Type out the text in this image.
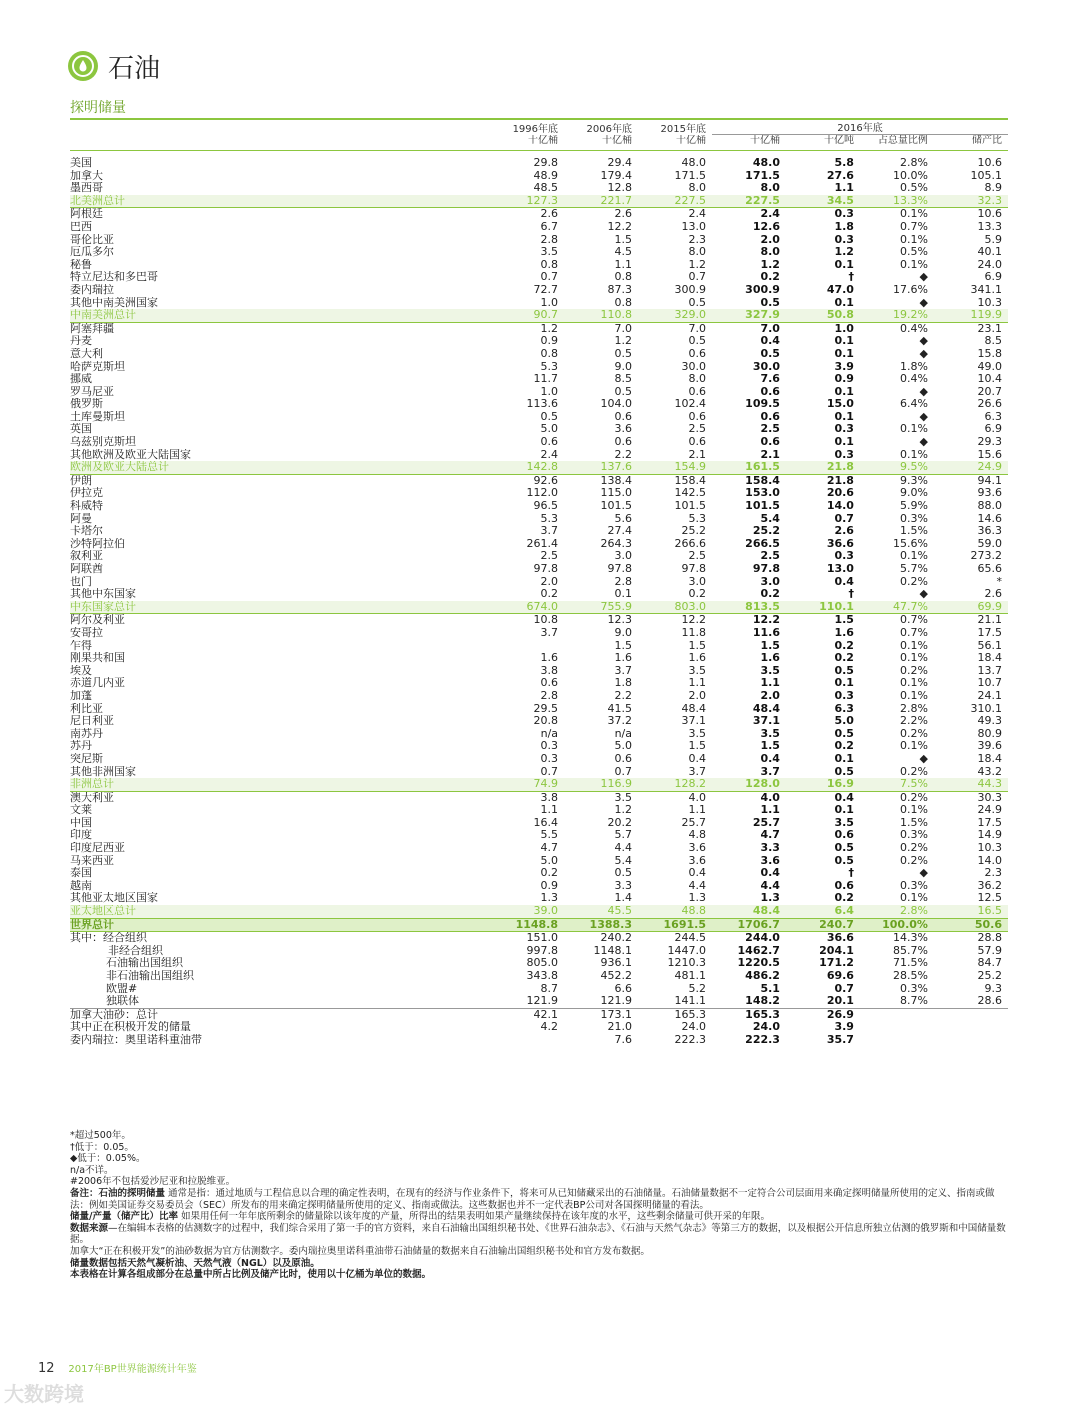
石油
探明储量
	1996年底	2006年底	2015年底	2016年底			
	十亿桶	十亿桶	十亿桶	十亿桶	十亿吨	占总量比例	储产比

美国	29.8	29.4	48.0	48.0	5.8	2.8%	10.6
加拿大	48.9	179.4	171.5	171.5	27.6	10.0%	105.1
墨西哥	48.5	12.8	8.0	8.0	1.1	0.5%	8.9
北美洲总计	127.3	221.7	227.5	227.5	34.5	13.3%	32.3
阿根廷	2.6	2.6	2.4	2.4	0.3	0.1%	10.6
巴西	6.7	12.2	13.0	12.6	1.8	0.7%	13.3
哥伦比亚	2.8	1.5	2.3	2.0	0.3	0.1%	5.9
厄瓜多尔	3.5	4.5	8.0	8.0	1.2	0.5%	40.1
秘鲁	0.8	1.1	1.2	1.2	0.1	0.1%	24.0
特立尼达和多巴哥	0.7	0.8	0.7	0.2	†	◆	6.9
委内瑞拉	72.7	87.3	300.9	300.9	47.0	17.6%	341.1
其他中南美洲国家	1.0	0.8	0.5	0.5	0.1	◆	10.3
中南美洲总计	90.7	110.8	329.0	327.9	50.8	19.2%	119.9
阿塞拜疆	1.2	7.0	7.0	7.0	1.0	0.4%	23.1
丹麦	0.9	1.2	0.5	0.4	0.1	◆	8.5
意大利	0.8	0.5	0.6	0.5	0.1	◆	15.8
哈萨克斯坦	5.3	9.0	30.0	30.0	3.9	1.8%	49.0
挪威	11.7	8.5	8.0	7.6	0.9	0.4%	10.4
罗马尼亚	1.0	0.5	0.6	0.6	0.1	◆	20.7
俄罗斯	113.6	104.0	102.4	109.5	15.0	6.4%	26.6
土库曼斯坦	0.5	0.6	0.6	0.6	0.1	◆	6.3
英国	5.0	3.6	2.5	2.5	0.3	0.1%	6.9
乌兹别克斯坦	0.6	0.6	0.6	0.6	0.1	◆	29.3
其他欧洲及欧亚大陆国家	2.4	2.2	2.1	2.1	0.3	0.1%	15.6
欧洲及欧亚大陆总计	142.8	137.6	154.9	161.5	21.8	9.5%	24.9
伊朗	92.6	138.4	158.4	158.4	21.8	9.3%	94.1
伊拉克	112.0	115.0	142.5	153.0	20.6	9.0%	93.6
科威特	96.5	101.5	101.5	101.5	14.0	5.9%	88.0
阿曼	5.3	5.6	5.3	5.4	0.7	0.3%	14.6
卡塔尔	3.7	27.4	25.2	25.2	2.6	1.5%	36.3
沙特阿拉伯	261.4	264.3	266.6	266.5	36.6	15.6%	59.0
叙利亚	2.5	3.0	2.5	2.5	0.3	0.1%	273.2
阿联酋	97.8	97.8	97.8	97.8	13.0	5.7%	65.6
也门	2.0	2.8	3.0	3.0	0.4	0.2%	*
其他中东国家	0.2	0.1	0.2	0.2	†	◆	2.6
中东国家总计	674.0	755.9	803.0	813.5	110.1	47.7%	69.9
阿尔及利亚	10.8	12.3	12.2	12.2	1.5	0.7%	21.1
安哥拉	3.7	9.0	11.8	11.6	1.6	0.7%	17.5
乍得		1.5	1.5	1.5	0.2	0.1%	56.1
刚果共和国	1.6	1.6	1.6	1.6	0.2	0.1%	18.4
埃及	3.8	3.7	3.5	3.5	0.5	0.2%	13.7
赤道几内亚	0.6	1.8	1.1	1.1	0.1	0.1%	10.7
加蓬	2.8	2.2	2.0	2.0	0.3	0.1%	24.1
利比亚	29.5	41.5	48.4	48.4	6.3	2.8%	310.1
尼日利亚	20.8	37.2	37.1	37.1	5.0	2.2%	49.3
南苏丹	n/a	n/a	3.5	3.5	0.5	0.2%	80.9
苏丹	0.3	5.0	1.5	1.5	0.2	0.1%	39.6
突尼斯	0.3	0.6	0.4	0.4	0.1	◆	18.4
其他非洲国家	0.7	0.7	3.7	3.7	0.5	0.2%	43.2
非洲总计	74.9	116.9	128.2	128.0	16.9	7.5%	44.3
澳大利亚	3.8	3.5	4.0	4.0	0.4	0.2%	30.3
文莱	1.1	1.2	1.1	1.1	0.1	0.1%	24.9
中国	16.4	20.2	25.7	25.7	3.5	1.5%	17.5
印度	5.5	5.7	4.8	4.7	0.6	0.3%	14.9
印度尼西亚	4.7	4.4	3.6	3.3	0.5	0.2%	10.3
马来西亚	5.0	5.4	3.6	3.6	0.5	0.2%	14.0
泰国	0.2	0.5	0.4	0.4	†	◆	2.3
越南	0.9	3.3	4.4	4.4	0.6	0.3%	36.2
其他亚太地区国家	1.3	1.4	1.3	1.3	0.2	0.1%	12.5
亚太地区总计	39.0	45.5	48.8	48.4	6.4	2.8%	16.5
世界总计	1148.8	1388.3	1691.5	1706.7	240.7	100.0%	50.6
其中：经合组织	151.0	240.2	244.5	244.0	36.6	14.3%	28.8
非经合组织	997.8	1148.1	1447.0	1462.7	204.1	85.7%	57.9
石油输出国组织	805.0	936.1	1210.3	1220.5	171.2	71.5%	84.7
非石油输出国组织	343.8	452.2	481.1	486.2	69.6	28.5%	25.2
欧盟#	8.7	6.6	5.2	5.1	0.7	0.3%	9.3
独联体	121.9	121.9	141.1	148.2	20.1	8.7%	28.6
加拿大油砂：总计	42.1	173.1	165.3	165.3	26.9		
其中正在积极开发的储量	4.2	21.0	24.0	24.0	3.9		
委内瑞拉：奥里诺科重油带		7.6	222.3	222.3	35.7		

*超过500年。

†低于：0.05。

◆低于：0.05%。

n/a不详。

#2006年不包括爱沙尼亚和拉脱维亚。

备注：石油的探明储量 通常是指：通过地质与工程信息以合理的确定性表明，在现有的经济与作业条件下，将来可从已知储藏采出的石油储量。石油储量数据不一定符合公司层面用来确定探明储量所使用的定义、指南或做法：例如美国证券交易委员会（SEC）所发布的用来确定探明储量所使用的定义、指南或做法。这些数据也并不一定代表BP公司对各国探明储量的看法。

储量/产量（储产比）比率 如果用任何一年年底所剩余的储量除以该年度的产量，所得出的结果表明如果产量继续保持在该年度的水平，这些剩余储量可供开采的年限。

数据来源—在编辑本表格的估测数字的过程中，我们综合采用了第一手的官方资料，来自石油输出国组织秘书处、《世界石油杂志》、《石油与天然气杂志》等第三方的数据，以及根据公开信息所独立估测的俄罗斯和中国储量数据。

加拿大“正在积极开发”的油砂数据为官方估测数字。委内瑞拉奥里诺科重油带石油储量的数据来自石油输出国组织秘书处和官方发布数据。

储量数据包括天然气凝析油、天然气液（NGL）以及原油。

本表格在计算各组成部分在总量中所占比例及储产比时，使用以十亿桶为单位的数据。

12 2017年BP世界能源统计年鉴
大数跨境
